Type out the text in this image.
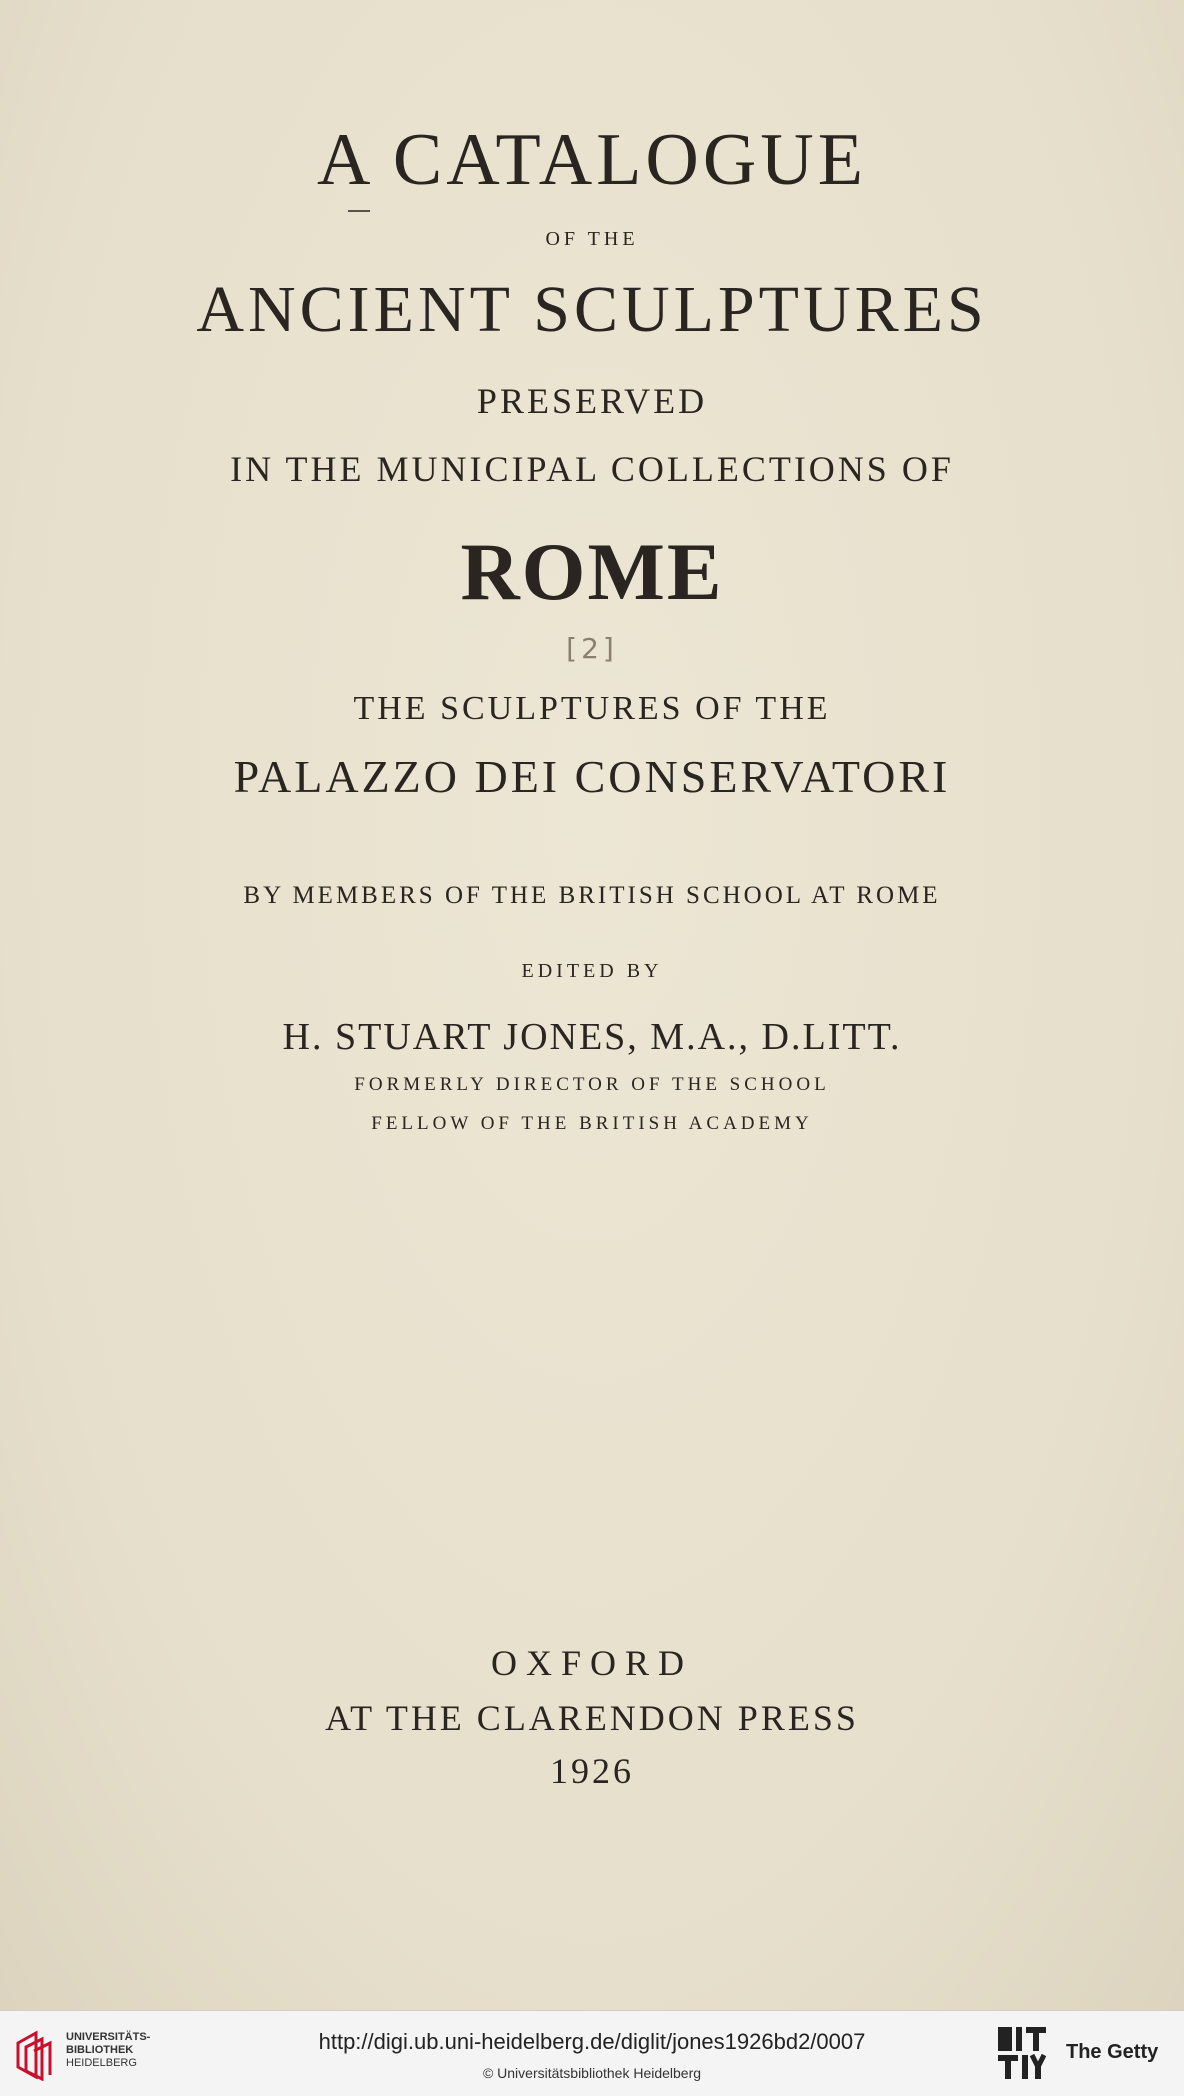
A CATALOGUE
OF THE
ANCIENT SCULPTURES
PRESERVED
IN THE MUNICIPAL COLLECTIONS OF
ROME
[2]
THE SCULPTURES OF THE
PALAZZO DEI CONSERVATORI
BY MEMBERS OF THE BRITISH SCHOOL AT ROME
EDITED BY
H. STUART JONES, M.A., D.LITT.
FORMERLY DIRECTOR OF THE SCHOOL
FELLOW OF THE BRITISH ACADEMY
OXFORD
AT THE CLARENDON PRESS
1926
UNIVERSITÄTS-
BIBLIOTHEK
HEIDELBERG
http://digi.ub.uni-heidelberg.de/diglit/jones1926bd2/0007
© Universitätsbibliothek Heidelberg
The Getty
